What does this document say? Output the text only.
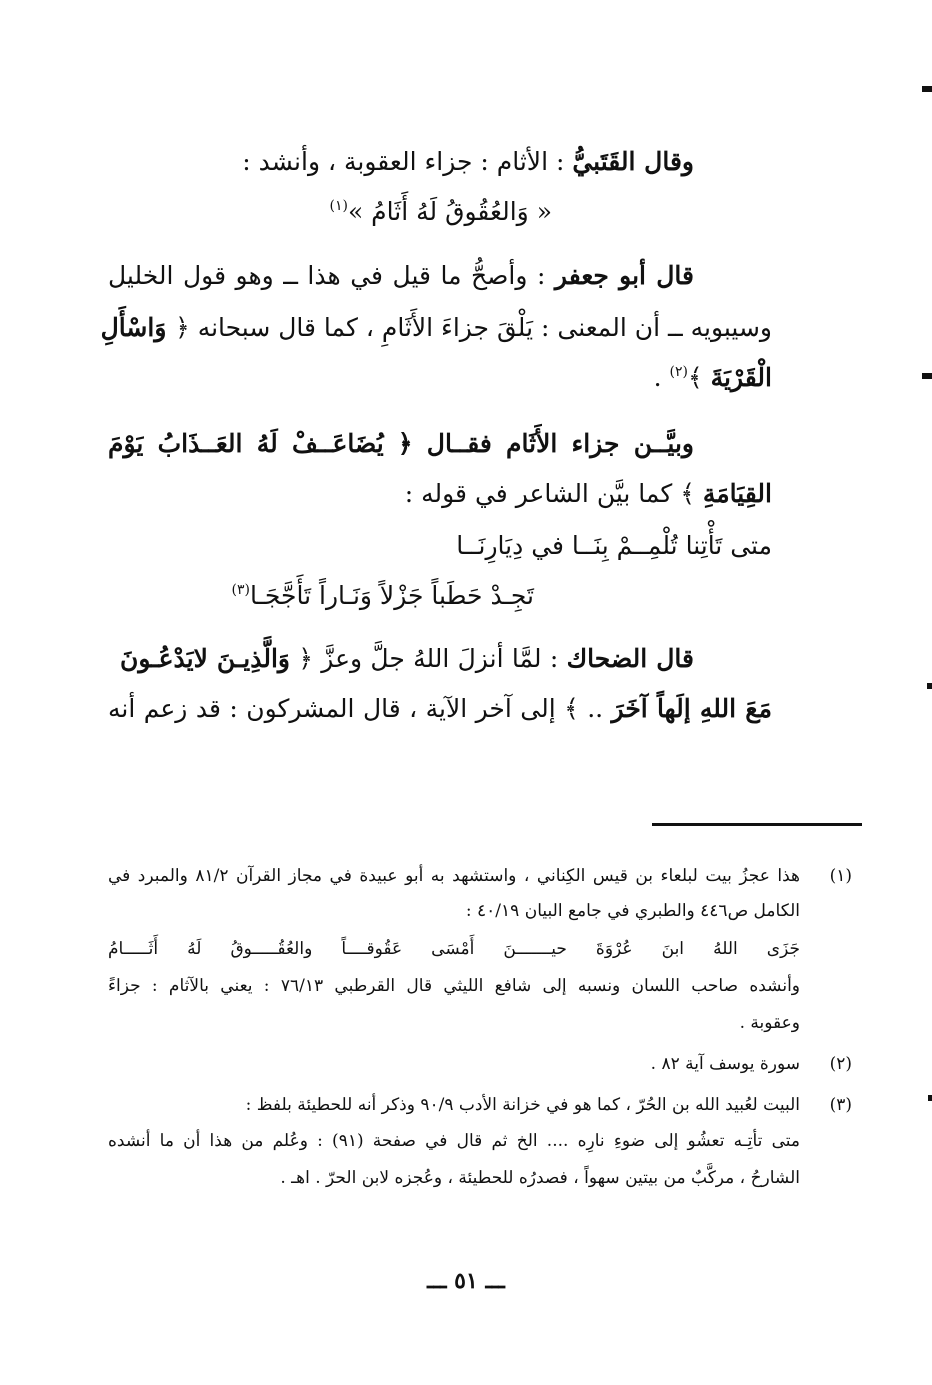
وقال القَتَبيُّ : الأثام : جزاء العقوبة ، وأنشد :
« وَالعُقُوقُ لَهُ أَثَامُ »$^{(١)}$
قال أبو جعفر : وأصحُّ ما قيل في هذا ــ وهو قول الخليل
وسيبويه ــ أن المعنى : يَلْقَ جزاءَ الأَثَامِ ، كما قال سبحانه ﴿ وَاسْأَلِ
الْقَرْيَةَ ﴾$^{(٢)}$ .
وبيَّــن جزاء الأَثَام فقــال ﴿ يُضَاعَــفْ لَهُ العَــذَابُ يَوْمَ
القِيَامَةِ ﴾ كما بيَّن الشاعر في قوله :
متى تَأْتِنا تُلْمِــمْ بِنَــا في دِيَارِنَــا
تَجِـدْ حَطَباً جَزْلاً وَنَـاراً تَأَجَّجَـا$^{(٣)}$
قال الضحاك : لمَّا أنزلَ اللهُ جلَّ وعزَّ ﴿ وَالَّذِيـنَ لايَدْعُـونَ
مَعَ اللهِ إلَهاً آخَرَ .. ﴾ إلى آخر الآية ، قال المشركون : قد زعم أنه
(١)
هذا عجزُ بيت لبلعاء بن قيس الكِناني ، واستشهد به أبو عبيدة في مجاز القرآن ٨١/٢ والمبرد في
الكامل ص٤٤٦ والطبري في جامع البيان ٤٠/١٩ :
جَزَى اللهُ ابنَ عُرْوَةَ حيـــــــنَ أَمْسَى عَقُوقــــاً والعُقُـــــوقُ لَهُ أَثَـــــامُ
وأنشده صاحب اللسان ونسبه إلى شافع الليثي قال القرطبي ٧٦/١٣ : يعني بالآثام : جزاءً
وعقوبة .
(٢)
سورة يوسف آية ٨٢ .
(٣)
البيت لعُبيد الله بن الحُرّ ، كما هو في خزانة الأدب ٩٠/٩ وذكر أنه للحطيئة بلفظ :
متى تأتِـه تعشُو إلى ضوءِ نارِه .... الخ ثم قال في صفحة (٩١) : وعُلم من هذا أن ما أنشده
الشارحُ ، مركَّبٌ من بيتين سهواً ، فصدرُه للحطيئة ، وعُجزه لابن الحرّ . اهـ .
ـــ ٥١ ـــ
